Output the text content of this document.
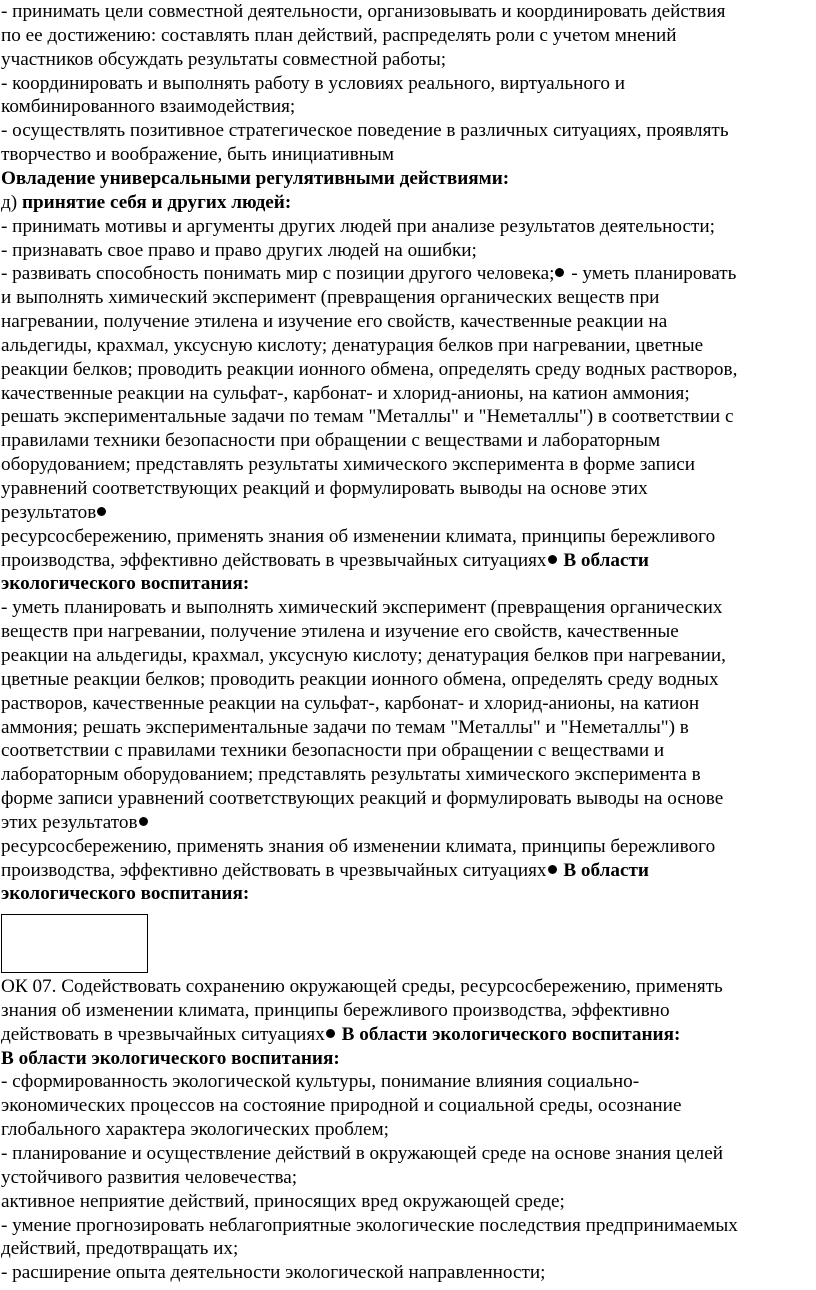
- принимать цели совместной деятельности, организовывать и координировать действия
по ее достижению: составлять план действий, распределять роли с учетом мнений
участников обсуждать результаты совместной работы;
- координировать и выполнять работу в условиях реального, виртуального и
комбинированного взаимодействия;
- осуществлять позитивное стратегическое поведение в различных ситуациях, проявлять
творчество и воображение, быть инициативным
Овладение универсальными регулятивными действиями:
д) принятие себя и других людей:
- принимать мотивы и аргументы других людей при анализе результатов деятельности;
- признавать свое право и право других людей на ошибки;
- развивать способность понимать мир с позиции другого человека; - уметь планировать
и выполнять химический эксперимент (превращения органических веществ при
нагревании, получение этилена и изучение его свойств, качественные реакции на
альдегиды, крахмал, уксусную кислоту; денатурация белков при нагревании, цветные
реакции белков; проводить реакции ионного обмена, определять среду водных растворов,
качественные реакции на сульфат-, карбонат- и хлорид-анионы, на катион аммония;
решать экспериментальные задачи по темам "Металлы" и "Неметаллы") в соответствии с
правилами техники безопасности при обращении с веществами и лабораторным
оборудованием; представлять результаты химического эксперимента в форме записи
уравнений соответствующих реакций и формулировать выводы на основе этих
результатов
ресурсосбережению, применять знания об изменении климата, принципы бережливого
производства, эффективно действовать в чрезвычайных ситуациях В области
экологического воспитания:
- уметь планировать и выполнять химический эксперимент (превращения органических
веществ при нагревании, получение этилена и изучение его свойств, качественные
реакции на альдегиды, крахмал, уксусную кислоту; денатурация белков при нагревании,
цветные реакции белков; проводить реакции ионного обмена, определять среду водных
растворов, качественные реакции на сульфат-, карбонат- и хлорид-анионы, на катион
аммония; решать экспериментальные задачи по темам "Металлы" и "Неметаллы") в
соответствии с правилами техники безопасности при обращении с веществами и
лабораторным оборудованием; представлять результаты химического эксперимента в
форме записи уравнений соответствующих реакций и формулировать выводы на основе
этих результатов
ресурсосбережению, применять знания об изменении климата, принципы бережливого
производства, эффективно действовать в чрезвычайных ситуациях В области
экологического воспитания:
ОК 07. Содействовать сохранению окружающей среды, ресурсосбережению, применять
знания об изменении климата, принципы бережливого производства, эффективно
действовать в чрезвычайных ситуациях В области экологического воспитания:
В области экологического воспитания:
- сформированность экологической культуры, понимание влияния социально-
экономических процессов на состояние природной и социальной среды, осознание
глобального характера экологических проблем;
- планирование и осуществление действий в окружающей среде на основе знания целей
устойчивого развития человечества;
активное неприятие действий, приносящих вред окружающей среде;
- умение прогнозировать неблагоприятные экологические последствия предпринимаемых
действий, предотвращать их;
- расширение опыта деятельности экологической направленности;
